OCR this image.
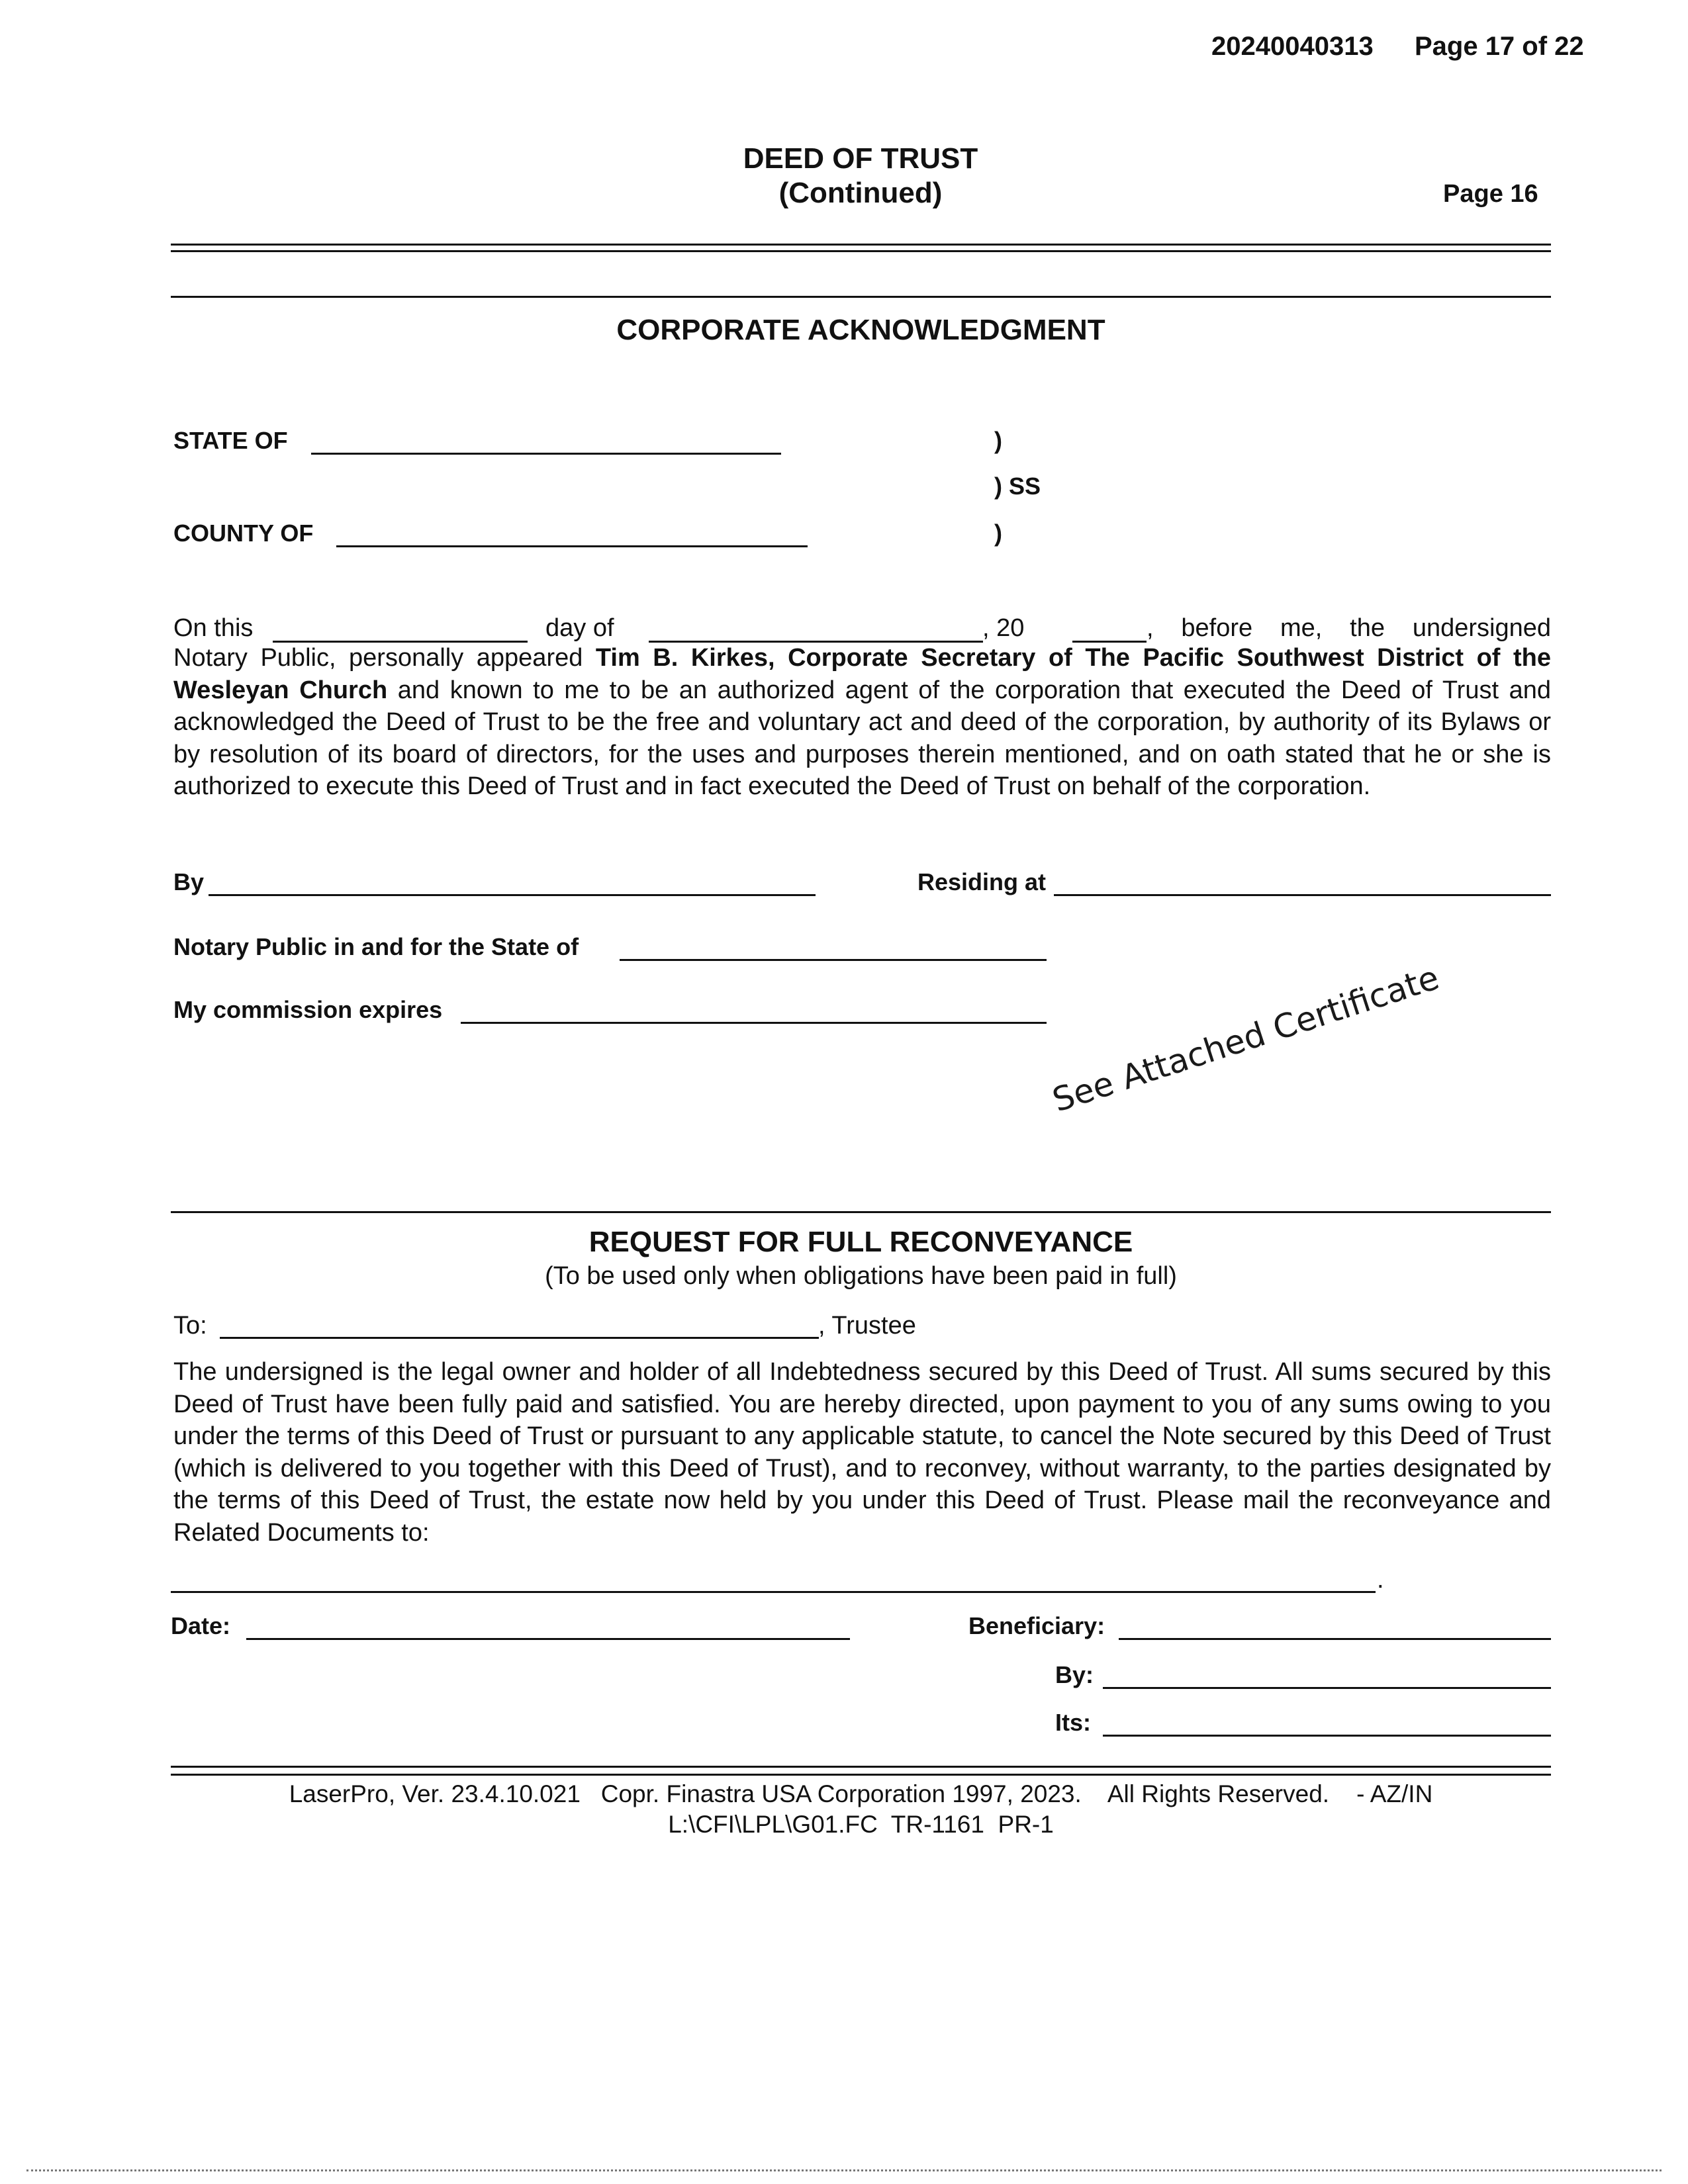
20240040313 Page 17 of 22
DEED OF TRUST
(Continued)	Page 16
CORPORATE ACKNOWLEDGMENT
STATE OF	)
) SS
)
COUNTY OF
On this	day of	, 20	, before me, the undersigned
Notary Public, personally appeared Tim B. Kirkes, Corporate Secretary of The Pacific Southwest District of the Wesleyan Church and known to me to be an authorized agent of the corporation that executed the Deed of Trust and acknowledged the Deed of Trust to be the free and voluntary act and deed of the corporation, by authority of its Bylaws or by resolution of its board of directors, for the uses and purposes therein mentioned, and on oath stated that he or she is authorized to execute this Deed of Trust and in fact executed the Deed of Trust on behalf of the corporation.
By	Residing at
Notary Public in and for the State of
My commission expires	See Attached Certificate
REQUEST FOR FULL RECONVEYANCE
(To be used only when obligations have been paid in full)
To:	, Trustee
The undersigned is the legal owner and holder of all Indebtedness secured by this Deed of Trust. All sums secured by this Deed of Trust have been fully paid and satisfied. You are hereby directed, upon payment to you of any sums owing to you under the terms of this Deed of Trust or pursuant to any applicable statute, to cancel the Note secured by this Deed of Trust (which is delivered to you together with this Deed of Trust), and to reconvey, without warranty, to the parties designated by the terms of this Deed of Trust, the estate now held by you under this Deed of Trust. Please mail the reconveyance and Related Documents to:
.
Date:	Beneficiary:
By:
Its:
LaserPro, Ver. 23.4.10.021   Copr. Finastra USA Corporation 1997, 2023.    All Rights Reserved.    - AZ/IN
L:\CFI\LPL\G01.FC  TR-1161  PR-1
